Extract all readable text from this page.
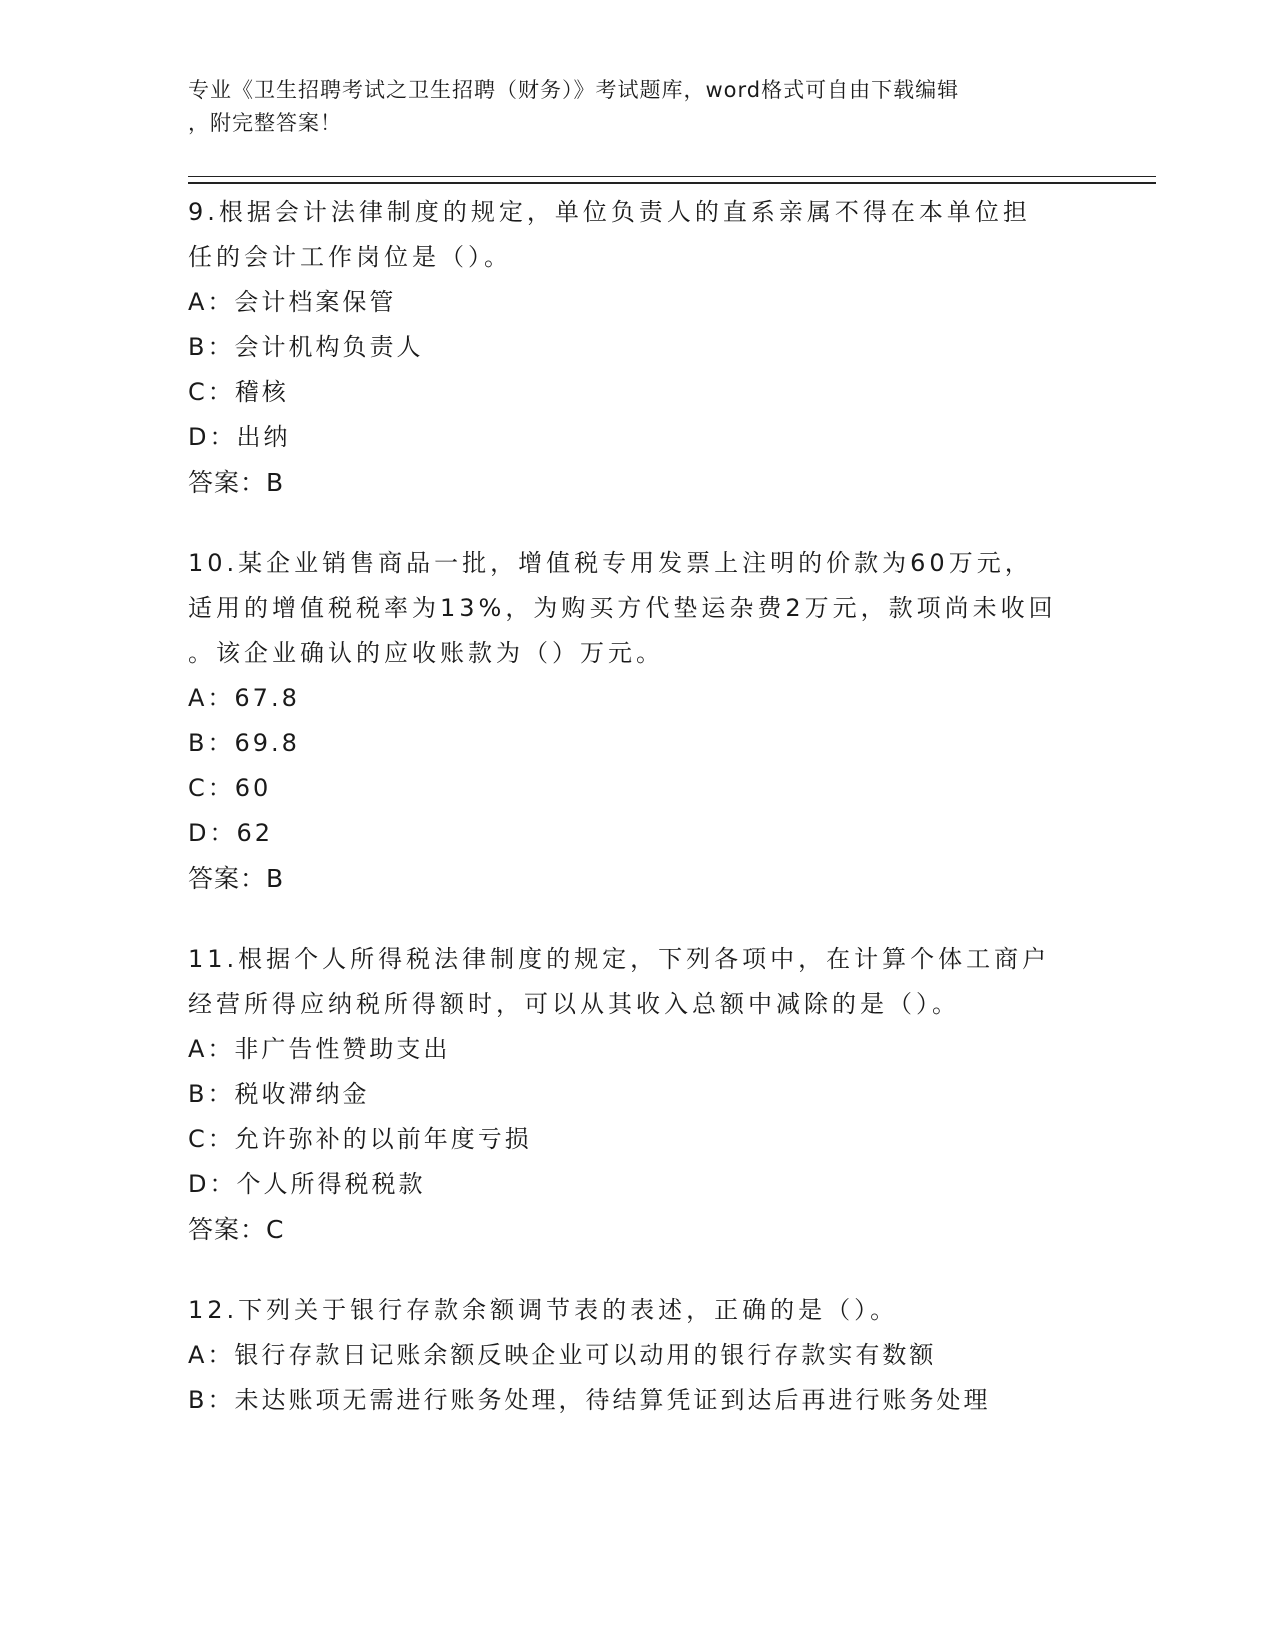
专业《卫生招聘考试之卫生招聘（财务）》考试题库，word格式可自由下载编辑
，附完整答案！

9.根据会计法律制度的规定，单位负责人的直系亲属不得在本单位担

任的会计工作岗位是（）。

A：会计档案保管

B：会计机构负责人

C：稽核

D：出纳

答案：B

10.某企业销售商品一批，增值税专用发票上注明的价款为60万元，

适用的增值税税率为13%，为购买方代垫运杂费2万元，款项尚未收回

。该企业确认的应收账款为（）万元。

A：67.8

B：69.8

C：60

D：62

答案：B

11.根据个人所得税法律制度的规定，下列各项中，在计算个体工商户

经营所得应纳税所得额时，可以从其收入总额中减除的是（）。

A：非广告性赞助支出

B：税收滞纳金

C：允许弥补的以前年度亏损

D：个人所得税税款

答案：C

12.下列关于银行存款余额调节表的表述，正确的是（）。

A：银行存款日记账余额反映企业可以动用的银行存款实有数额

B：未达账项无需进行账务处理，待结算凭证到达后再进行账务处理
